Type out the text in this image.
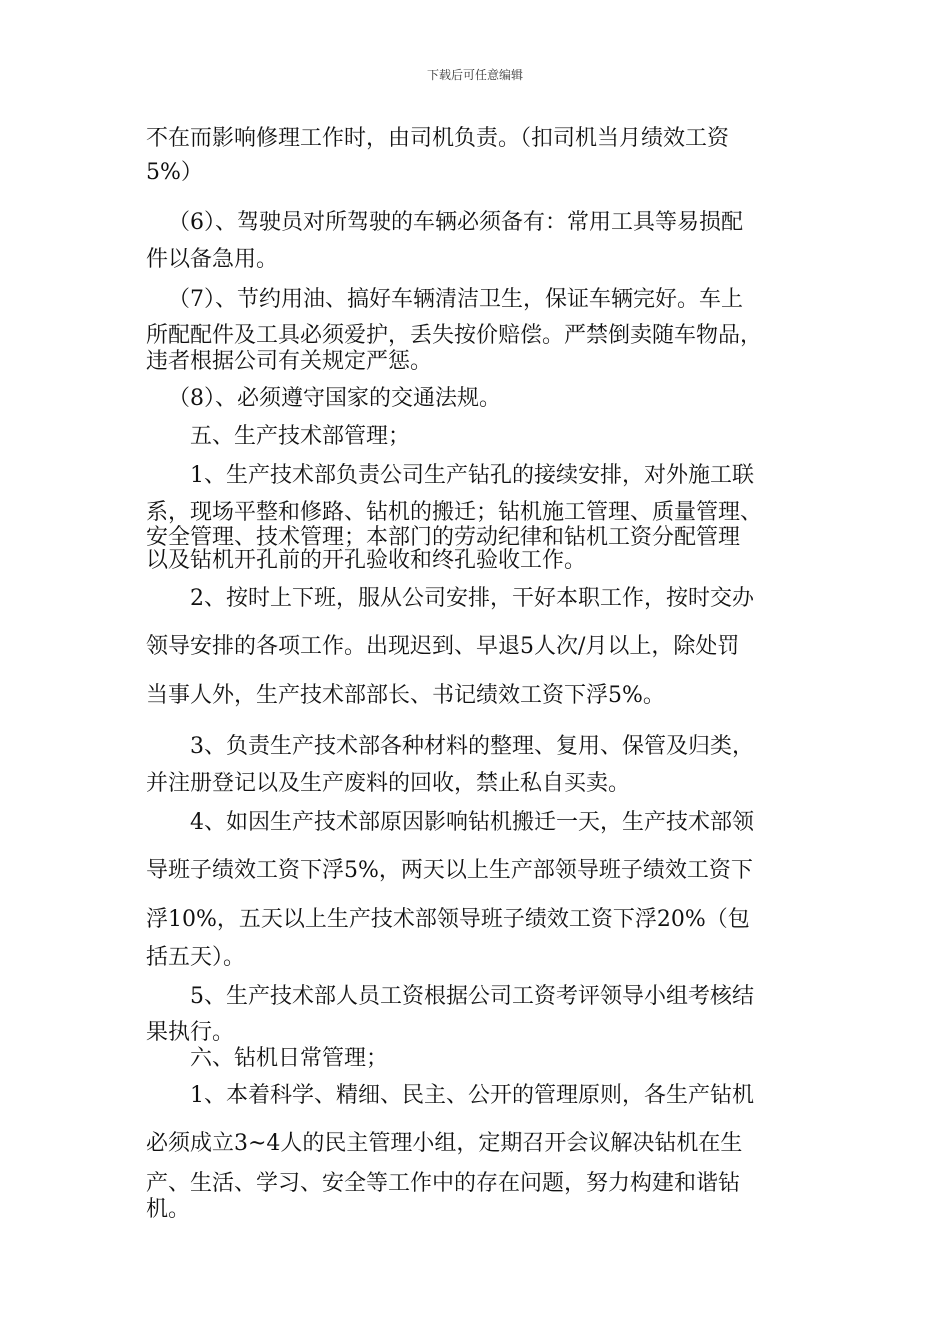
下载后可任意编辑
不在而影响修理工作时，由司机负责。（扣司机当月绩效工资
5%）
（6）、驾驶员对所驾驶的车辆必须备有：常用工具等易损配
件以备急用。
（7）、节约用油、搞好车辆清洁卫生，保证车辆完好。车上
所配配件及工具必须爱护，丢失按价赔偿。严禁倒卖随车物品，
违者根据公司有关规定严惩。
（8）、必须遵守国家的交通法规。
五、生产技术部管理；
1、生产技术部负责公司生产钻孔的接续安排，对外施工联
系，现场平整和修路、钻机的搬迁；钻机施工管理、质量管理、
安全管理、技术管理；本部门的劳动纪律和钻机工资分配管理
以及钻机开孔前的开孔验收和终孔验收工作。
2、按时上下班，服从公司安排，干好本职工作，按时交办
领导安排的各项工作。出现迟到、早退5人次/月以上，除处罚
当事人外，生产技术部部长、书记绩效工资下浮5%。
3、负责生产技术部各种材料的整理、复用、保管及归类，
并注册登记以及生产废料的回收，禁止私自买卖。
4、如因生产技术部原因影响钻机搬迁一天，生产技术部领
导班子绩效工资下浮5%，两天以上生产部领导班子绩效工资下
浮10%，五天以上生产技术部领导班子绩效工资下浮20%（包
括五天）。
5、生产技术部人员工资根据公司工资考评领导小组考核结
果执行。
六、钻机日常管理；
1、本着科学、精细、民主、公开的管理原则，各生产钻机
必须成立3~4人的民主管理小组，定期召开会议解决钻机在生
产、生活、学习、安全等工作中的存在问题，努力构建和谐钻
机。
